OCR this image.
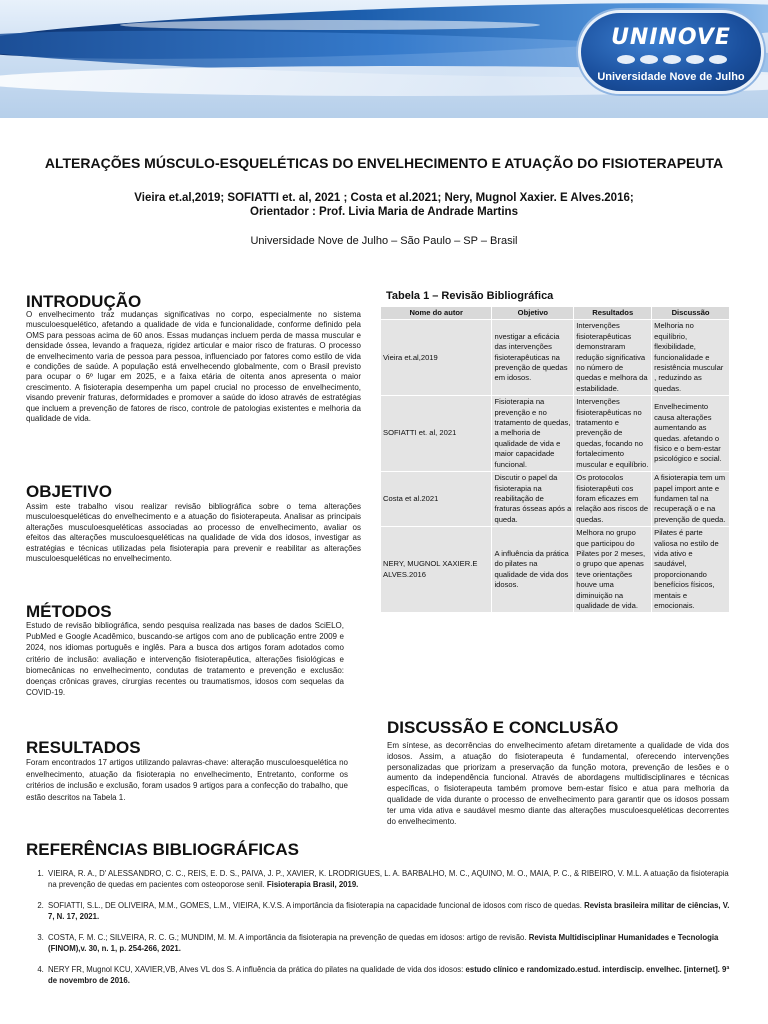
UNINOVE
Universidade Nove de Julho
ALTERAÇÕES MÚSCULO-ESQUELÉTICAS DO ENVELHECIMENTO E ATUAÇÃO DO FISIOTERAPEUTA
Vieira et.al,2019; SOFIATTI et. al, 2021 ; Costa et al.2021; Nery, Mugnol Xaxier. E Alves.2016;
Orientador : Prof. Livia Maria de Andrade Martins
Universidade Nove de Julho – São Paulo – SP – Brasil
INTRODUÇÃO

O envelhecimento traz mudanças significativas no corpo, especialmente no sistema musculoesquelético, afetando a qualidade de vida e funcionalidade, conforme definido pela OMS para pessoas acima de 60 anos. Essas mudanças incluem perda de massa muscular e densidade óssea, levando a fraqueza, rigidez articular e maior risco de fraturas. O processo de envelhecimento varia de pessoa para pessoa, influenciado por fatores como estilo de vida e condições de saúde. A população está envelhecendo globalmente, com o Brasil previsto para ocupar o 6º lugar em 2025, e a faixa etária de oitenta anos apresenta o maior crescimento. A fisioterapia desempenha um papel crucial no processo de envelhecimento, visando prevenir fraturas, deformidades e promover a saúde do idoso através de estratégias que incluem a prevenção de fatores de risco, controle de patologias existentes e melhoria da qualidade de vida.

OBJETIVO

Assim este trabalho visou realizar revisão bibliográfica sobre o tema alterações musculoesqueléticas do envelhecimento e a atuação do fisioterapeuta. Analisar as principais alterações musculoesqueléticas associadas ao processo de envelhecimento, avaliar os efeitos das alterações musculoesqueléticas na qualidade de vida dos idosos, investigar as estratégias e técnicas utilizadas pela fisioterapia para prevenir e reabilitar as alterações musculoesqueléticas no envelhecimento.

MÉTODOS

Estudo de revisão bibliográfica, sendo pesquisa realizada nas bases de dados SciELO, PubMed e Google Acadêmico, buscando-se artigos com ano de publicação entre 2009 e 2024, nos idiomas português e inglês. Para a busca dos artigos foram adotados como critério de inclusão: avaliação e intervenção fisioterapêutica, alterações fisiológicas e biomecânicas no envelhecimento, condutas de tratamento e prevenção e exclusão: doenças crônicas graves, cirurgias recentes ou traumatismos, idosos com sequelas da COVID-19.

RESULTADOS

Foram encontrados 17 artigos utilizando palavras-chave: alteração musculoesquelética no envelhecimento, atuação da fisioterapia no envelhecimento, Entretanto, conforme os critérios de inclusão e exclusão, foram usados 9 artigos para a confecção do trabalho, que estão descritos na Tabela 1.

Tabela 1 – Revisão Bibliográfica
Nome do autor	Objetivo	Resultados	Discussão
Vieira et.al,2019	nvestigar a eficácia das intervenções fisioterapêuticas na prevenção de quedas em idosos.	Intervenções fisioterapêuticas demonstraram redução significativa no número de quedas e melhora da estabilidade.	Melhoria no equilíbrio, flexibilidade, funcionalidade e resistência muscular , reduzindo as quedas.
SOFIATTI et. al, 2021	Fisioterapia na prevenção e no tratamento de quedas, a melhoria de qualidade de vida e maior capacidade funcional.	Intervenções fisioterapêuticas no tratamento e prevenção de quedas, focando no fortalecimento muscular e equilíbrio.	Envelhecimento causa alterações aumentando as quedas. afetando o físico e o bem-estar psicológico e social.
Costa et al.2021	Discutir o papel da fisioterapia na reabilitação de fraturas ósseas após a queda.	Os protocolos fisioterapêuti cos foram eficazes em relação aos riscos de quedas.	A fisioterapia tem um papel import ante e fundamen tal na recuperaçã o e na prevenção de queda.
NERY, MUGNOL XAXIER.E ALVES.2016	A influência da prática do pilates na qualidade de vida dos idosos.	Melhora no grupo que participou do Pilates por 2 meses, o grupo que apenas teve orientações houve uma diminuição na qualidade de vida.	Pilates é parte valiosa no estilo de vida ativo e saudável, proporcionando benefícios físicos, mentais e emocionais.
DISCUSSÃO E CONCLUSÃO

Em síntese, as decorrências do envelhecimento afetam diretamente a qualidade de vida dos idosos. Assim, a atuação do fisioterapeuta é fundamental, oferecendo intervenções personalizadas que priorizam a preservação da função motora, prevenção de lesões e o aumento da independência funcional. Através de abordagens multidisciplinares e técnicas específicas, o fisioterapeuta também promove bem-estar físico e atua para melhoria da qualidade de vida durante o processo de envelhecimento para garantir que os idosos possam ter uma vida ativa e saudável mesmo diante das alterações musculoesqueléticas decorrentes do envelhecimento.

REFERÊNCIAS BIBLIOGRÁFICAS
1. VIEIRA, R. A., D' ALESSANDRO, C. C., REIS, E. D. S., PAIVA, J. P., XAVIER, K. LRODRIGUES, L. A. BARBALHO, M. C., AQUINO, M. O., MAIA, P. C., & RIBEIRO, V. M.L. A atuação da fisioterapia na prevenção de quedas em pacientes com osteoporose senil. Fisioterapia Brasil, 2019.
2. SOFIATTI, S.L., DE OLIVEIRA, M.M., GOMES, L.M., VIEIRA, K.V.S. A importância da fisioterapia na capacidade funcional de idosos com risco de quedas. Revista brasileira militar de ciências, V. 7, N. 17, 2021.
3. COSTA, F. M. C.; SILVEIRA, R. C. G.; MUNDIM, M. M. A importância da fisioterapia na prevenção de quedas em idosos: artigo de revisão. Revista Multidisciplinar Humanidades e Tecnologia (FINOM),v. 30, n. 1, p. 254-266, 2021.
4. NERY FR, Mugnol KCU, XAVIER,VB, Alves VL dos S. A influência da prática do pilates na qualidade de vida dos idosos: estudo clínico e randomizado.estud. interdiscip. envelhec. [internet]. 9ª de novembro de 2016.
